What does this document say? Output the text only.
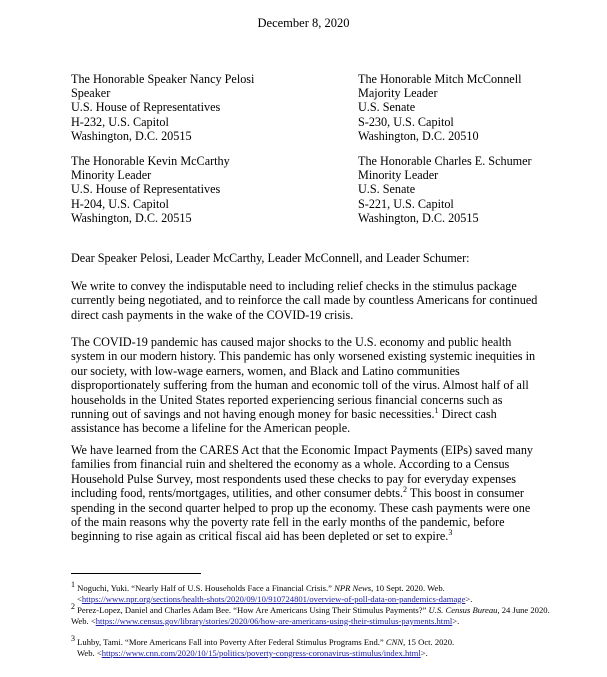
December 8, 2020
The Honorable Speaker Nancy Pelosi
Speaker
U.S. House of Representatives
H-232, U.S. Capitol
Washington, D.C. 20515
The Honorable Mitch McConnell
Majority Leader
U.S. Senate
S-230, U.S. Capitol
Washington, D.C. 20510
The Honorable Kevin McCarthy
Minority Leader
U.S. House of Representatives
H-204, U.S. Capitol
Washington, D.C. 20515
The Honorable Charles E. Schumer
Minority Leader
U.S. Senate
S-221, U.S. Capitol
Washington, D.C. 20515
Dear Speaker Pelosi, Leader McCarthy, Leader McConnell, and Leader Schumer:

We write to convey the indisputable need to including relief checks in the stimulus package currently being negotiated, and to reinforce the call made by countless Americans for continued direct cash payments in the wake of the COVID-19 crisis.

The COVID-19 pandemic has caused major shocks to the U.S. economy and public health system in our modern history. This pandemic has only worsened existing systemic inequities in our society, with low-wage earners, women, and Black and Latino communities disproportionately suffering from the human and economic toll of the virus. Almost half of all households in the United States reported experiencing serious financial concerns such as running out of savings and not having enough money for basic necessities.$^1$ Direct cash assistance has become a lifeline for the American people.

We have learned from the CARES Act that the Economic Impact Payments (EIPs) saved many families from financial ruin and sheltered the economy as a whole. According to a Census Household Pulse Survey, most respondents used these checks to pay for everyday expenses including food, rents/mortgages, utilities, and other consumer debts.$^2$ This boost in consumer spending in the second quarter helped to prop up the economy. These cash payments were one of the main reasons why the poverty rate fell in the early months of the pandemic, before beginning to rise again as critical fiscal aid has been depleted or set to expire.$^3$

$^1$ Noguchi, Yuki. “Nearly Half of U.S. Households Face a Financial Crisis.” NPR News, 10 Sept. 2020. Web.
<https://www.npr.org/sections/health-shots/2020/09/10/910724801/overview-of-poll-data-on-pandemics-damage>.
$^2$ Perez-Lopez, Daniel and Charles Adam Bee. “How Are Americans Using Their Stimulus Payments?” U.S. Census Bureau, 24 June 2020. Web. <https://www.census.gov/library/stories/2020/06/how-are-americans-using-their-stimulus-payments.html>.
$^3$ Luhby, Tami. “More Americans Fall into Poverty After Federal Stimulus Programs End.” CNN, 15 Oct. 2020.
Web. <https://www.cnn.com/2020/10/15/politics/poverty-congress-coronavirus-stimulus/index.html>.
